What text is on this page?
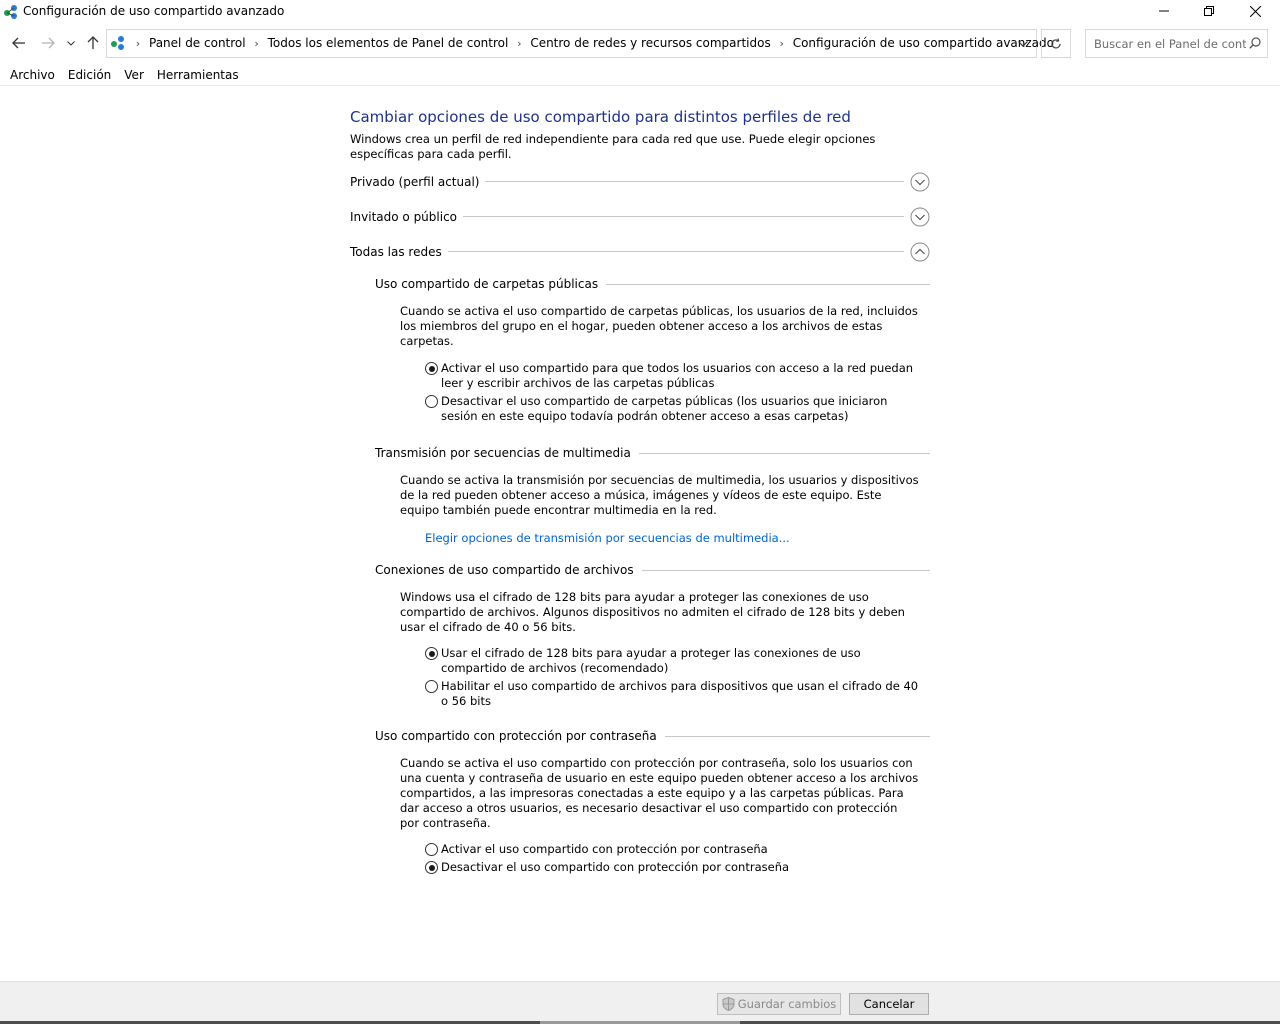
Configuración de uso compartido avanzado
› Panel de control › Todos los elementos de Panel de control › Centro de redes y recursos compartidos › Configuración de uso compartido avanzado
Buscar en el Panel de cont...
Archivo Edición Ver Herramientas
Cambiar opciones de uso compartido para distintos perfiles de red
Windows crea un perfil de red independiente para cada red que use. Puede elegir opciones específicas para cada perfil.
Privado (perfil actual)
Invitado o público
Todas las redes
Uso compartido de carpetas públicas
Cuando se activa el uso compartido de carpetas públicas, los usuarios de la red, incluidos los miembros del grupo en el hogar, pueden obtener acceso a los archivos de estas carpetas.
Activar el uso compartido para que todos los usuarios con acceso a la red puedan leer y escribir archivos de las carpetas públicas
Desactivar el uso compartido de carpetas públicas (los usuarios que iniciaron sesión en este equipo todavía podrán obtener acceso a esas carpetas)
Transmisión por secuencias de multimedia
Cuando se activa la transmisión por secuencias de multimedia, los usuarios y dispositivos de la red pueden obtener acceso a música, imágenes y vídeos de este equipo. Este equipo también puede encontrar multimedia en la red.
Elegir opciones de transmisión por secuencias de multimedia...
Conexiones de uso compartido de archivos
Windows usa el cifrado de 128 bits para ayudar a proteger las conexiones de uso compartido de archivos. Algunos dispositivos no admiten el cifrado de 128 bits y deben usar el cifrado de 40 o 56 bits.
Usar el cifrado de 128 bits para ayudar a proteger las conexiones de uso compartido de archivos (recomendado)
Habilitar el uso compartido de archivos para dispositivos que usan el cifrado de 40 o 56 bits
Uso compartido con protección por contraseña
Cuando se activa el uso compartido con protección por contraseña, solo los usuarios con una cuenta y contraseña de usuario en este equipo pueden obtener acceso a los archivos compartidos, a las impresoras conectadas a este equipo y a las carpetas públicas. Para dar acceso a otros usuarios, es necesario desactivar el uso compartido con protección por contraseña.
Activar el uso compartido con protección por contraseña
Desactivar el uso compartido con protección por contraseña
Guardar cambios Cancelar
